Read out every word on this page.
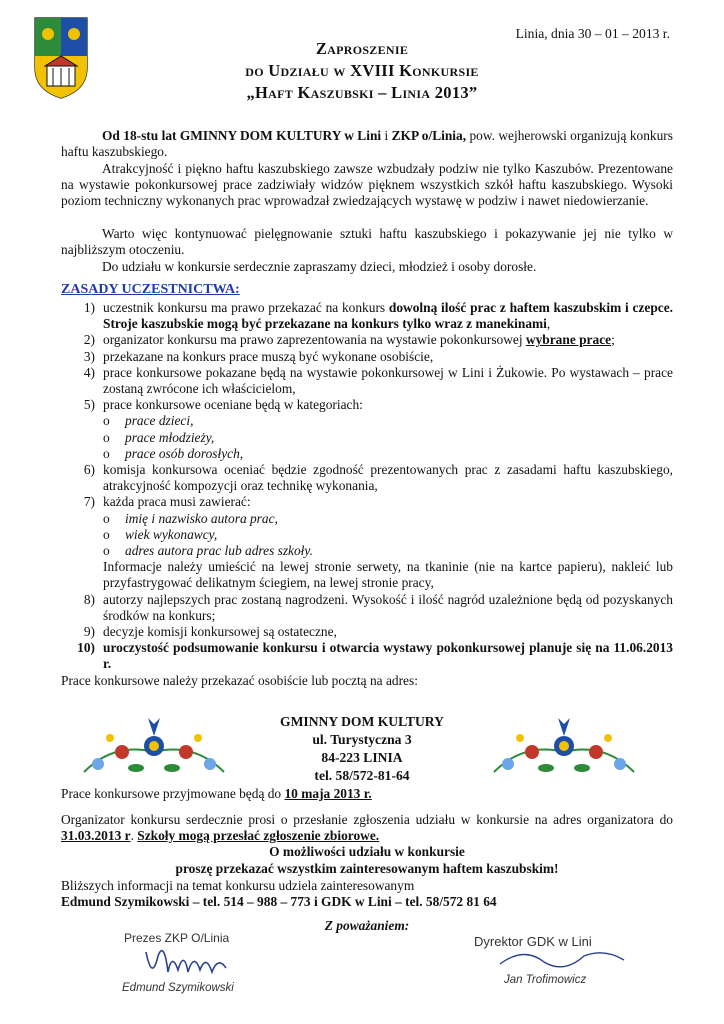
Linia, dnia 30 – 01 – 2013 r.
Zaproszenie
do Udziału w XVIII Konkursie
„Haft Kaszubski – Linia 2013”
Od 18-stu lat GMINNY DOM KULTURY w Lini i ZKP o/Linia, pow. wejherowski organizują konkurs haftu kaszubskiego.
Atrakcyjność i piękno haftu kaszubskiego zawsze wzbudzały podziw nie tylko Kaszubów. Prezentowane na wystawie pokonkursowej prace zadziwiały widzów pięknem wszystkich szkół haftu kaszubskiego. Wysoki poziom techniczny wykonanych prac wprowadzał zwiedzających wystawę w podziw i nawet niedowierzanie.
Warto więc kontynuować pielęgnowanie sztuki haftu kaszubskiego i pokazywanie jej nie tylko w najbliższym otoczeniu.
Do udziału w konkursie serdecznie zapraszamy dzieci, młodzież i osoby dorosłe.
ZASADY UCZESTNICTWA:
1) uczestnik konkursu ma prawo przekazać na konkurs dowolną ilość prac z haftem kaszubskim i czepce. Stroje kaszubskie mogą być przekazane na konkurs tylko wraz z manekinami,
2) organizator konkursu ma prawo zaprezentowania na wystawie pokonkursowej wybrane prace;
3) przekazane na konkurs prace muszą być wykonane osobiście,
4) prace konkursowe pokazane będą na wystawie pokonkursowej w Lini i Żukowie. Po wystawach – prace zostaną zwrócone ich właścicielom,
5) prace konkursowe oceniane będą w kategoriach:
o	prace dzieci,
o	prace młodzieży,
o	prace osób dorosłych,
6) komisja konkursowa oceniać będzie zgodność prezentowanych prac z zasadami haftu kaszubskiego, atrakcyjność kompozycji oraz technikę wykonania,
7) każda praca musi zawierać:
o	imię i nazwisko autora prac,
o	wiek wykonawcy,
o	adres autora prac lub adres szkoły.
Informacje należy umieścić na lewej stronie serwety, na tkaninie (nie na kartce papieru), nakleić lub przyfastrygować delikatnym ściegiem, na lewej stronie pracy,
8) autorzy najlepszych prac zostaną nagrodzeni. Wysokość i ilość nagród uzależnione będą od pozyskanych środków na konkurs;
9) decyzje komisji konkursowej są ostateczne,
10) uroczystość podsumowanie konkursu i otwarcia wystawy pokonkursowej planuje się na 11.06.2013 r.
Prace konkursowe należy przekazać osobiście lub pocztą na adres:
GMINNY DOM KULTURY
ul. Turystyczna 3
84-223 LINIA
tel. 58/572-81-64
Prace konkursowe przyjmowane będą do 10 maja 2013 r.
Organizator konkursu serdecznie prosi o przesłanie zgłoszenia udziału w konkursie na adres organizatora do 31.03.2013 r. Szkoły mogą przesłać zgłoszenie zbiorowe.
O możliwości udziału w konkursie
proszę przekazać wszystkim zainteresowanym haftem kaszubskim!
Bliższych informacji na temat konkursu udziela zainteresowanym
Edmund Szymikowski – tel. 514 – 988 – 773 i GDK w Lini – tel. 58/572 81 64
Z poważaniem:
Prezes ZKP O/Linia
Edmund Szymikowski
Dyrektor GDK w Lini
Jan Trofimowicz
